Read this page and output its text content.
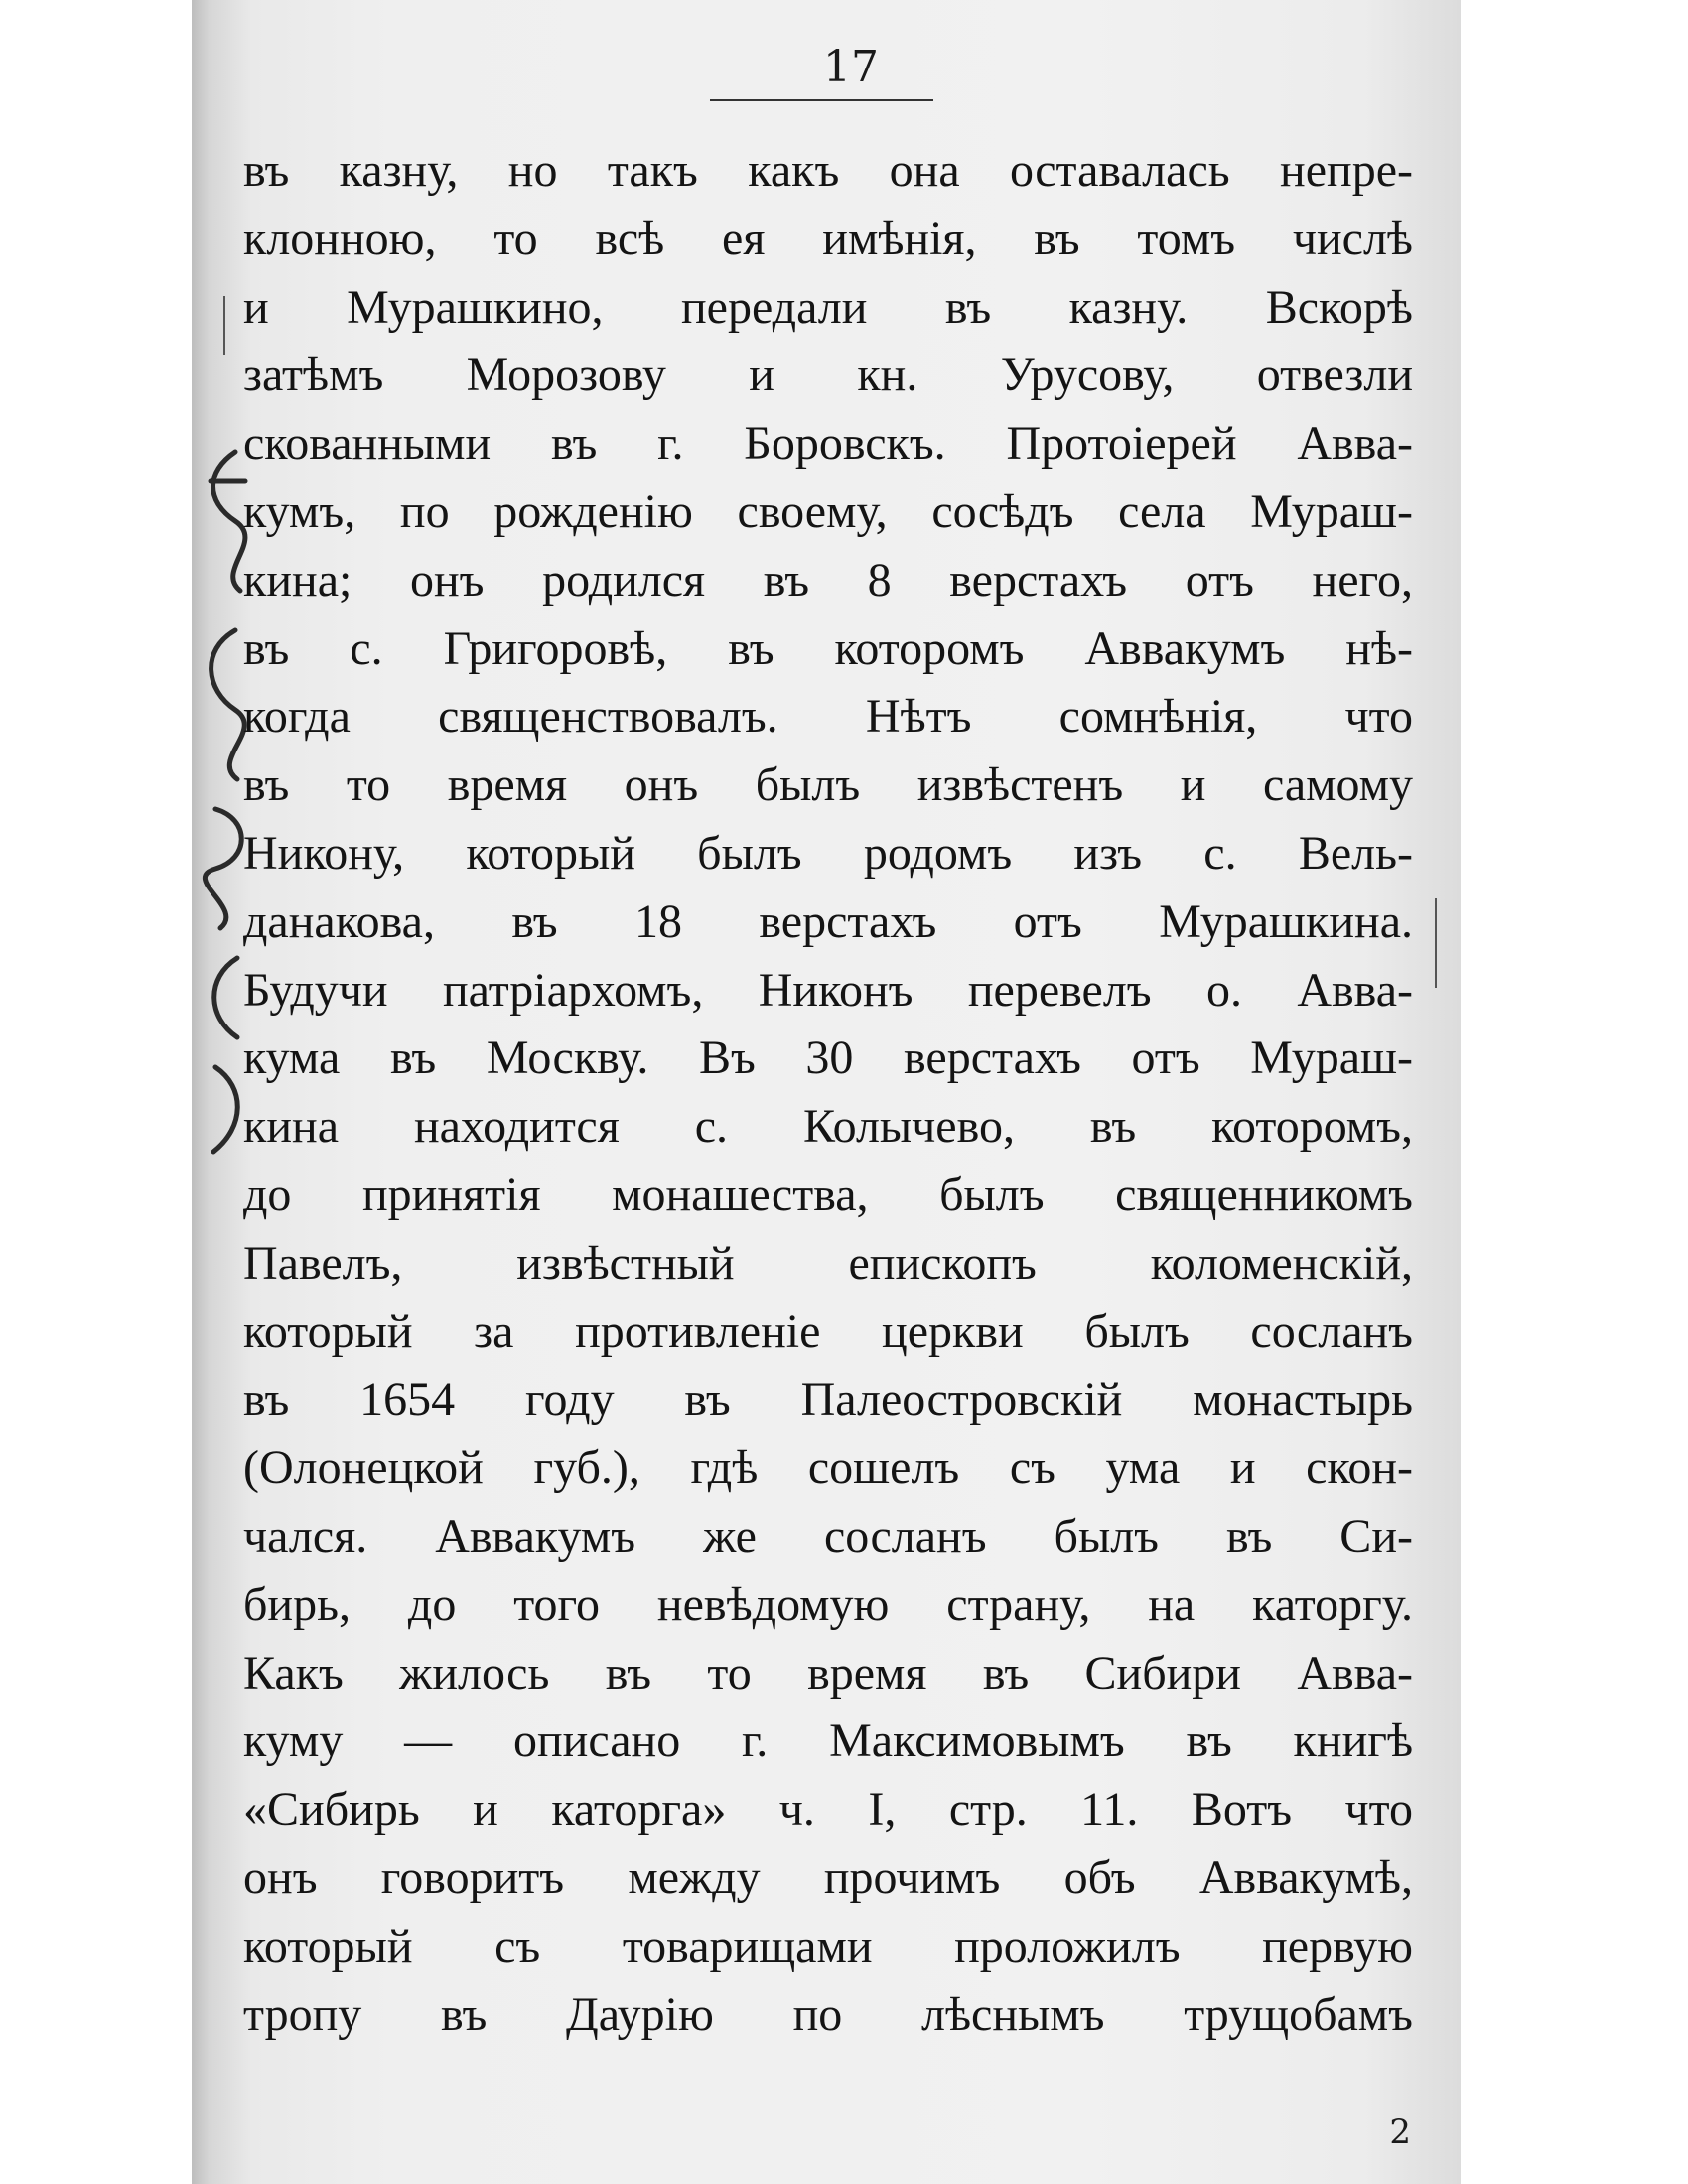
17
въ казну, но такъ какъ она оставалась непре-
клонною, то всѣ ея имѣнія, въ томъ числѣ
и Мурашкино, передали въ казну. Вскорѣ
затѣмъ Морозову и кн. Урусову, отвезли
скованными въ г. Боровскъ. Протоіерей Авва-
кумъ, по рожденію своему, сосѣдъ села Мураш-
кина; онъ родился въ 8 верстахъ отъ него,
въ с. Григоровѣ, въ которомъ Аввакумъ нѣ-
когда священствовалъ. Нѣтъ сомнѣнія, что
въ то время онъ былъ извѣстенъ и самому
Никону, который былъ родомъ изъ с. Вель-
данакова, въ 18 верстахъ отъ Мурашкина.
Будучи патріархомъ, Никонъ перевелъ о. Авва-
кума въ Москву. Въ 30 верстахъ отъ Мураш-
кина находится с. Колычево, въ которомъ,
до принятія монашества, былъ священникомъ
Павелъ, извѣстный епископъ коломенскій,
который за противленіе церкви былъ сосланъ
въ 1654 году въ Палеостровскій монастырь
(Олонецкой губ.), гдѣ сошелъ съ ума и скон-
чался. Аввакумъ же сосланъ былъ въ Си-
бирь, до того невѣдомую страну, на каторгу.
Какъ жилось въ то время въ Сибири Авва-
куму — описано г. Максимовымъ въ книгѣ
«Сибирь и каторга» ч. I, стр. 11. Вотъ что
онъ говоритъ между прочимъ объ Аввакумѣ,
который съ товарищами проложилъ первую
тропу въ Даурію по лѣснымъ трущобамъ
2
